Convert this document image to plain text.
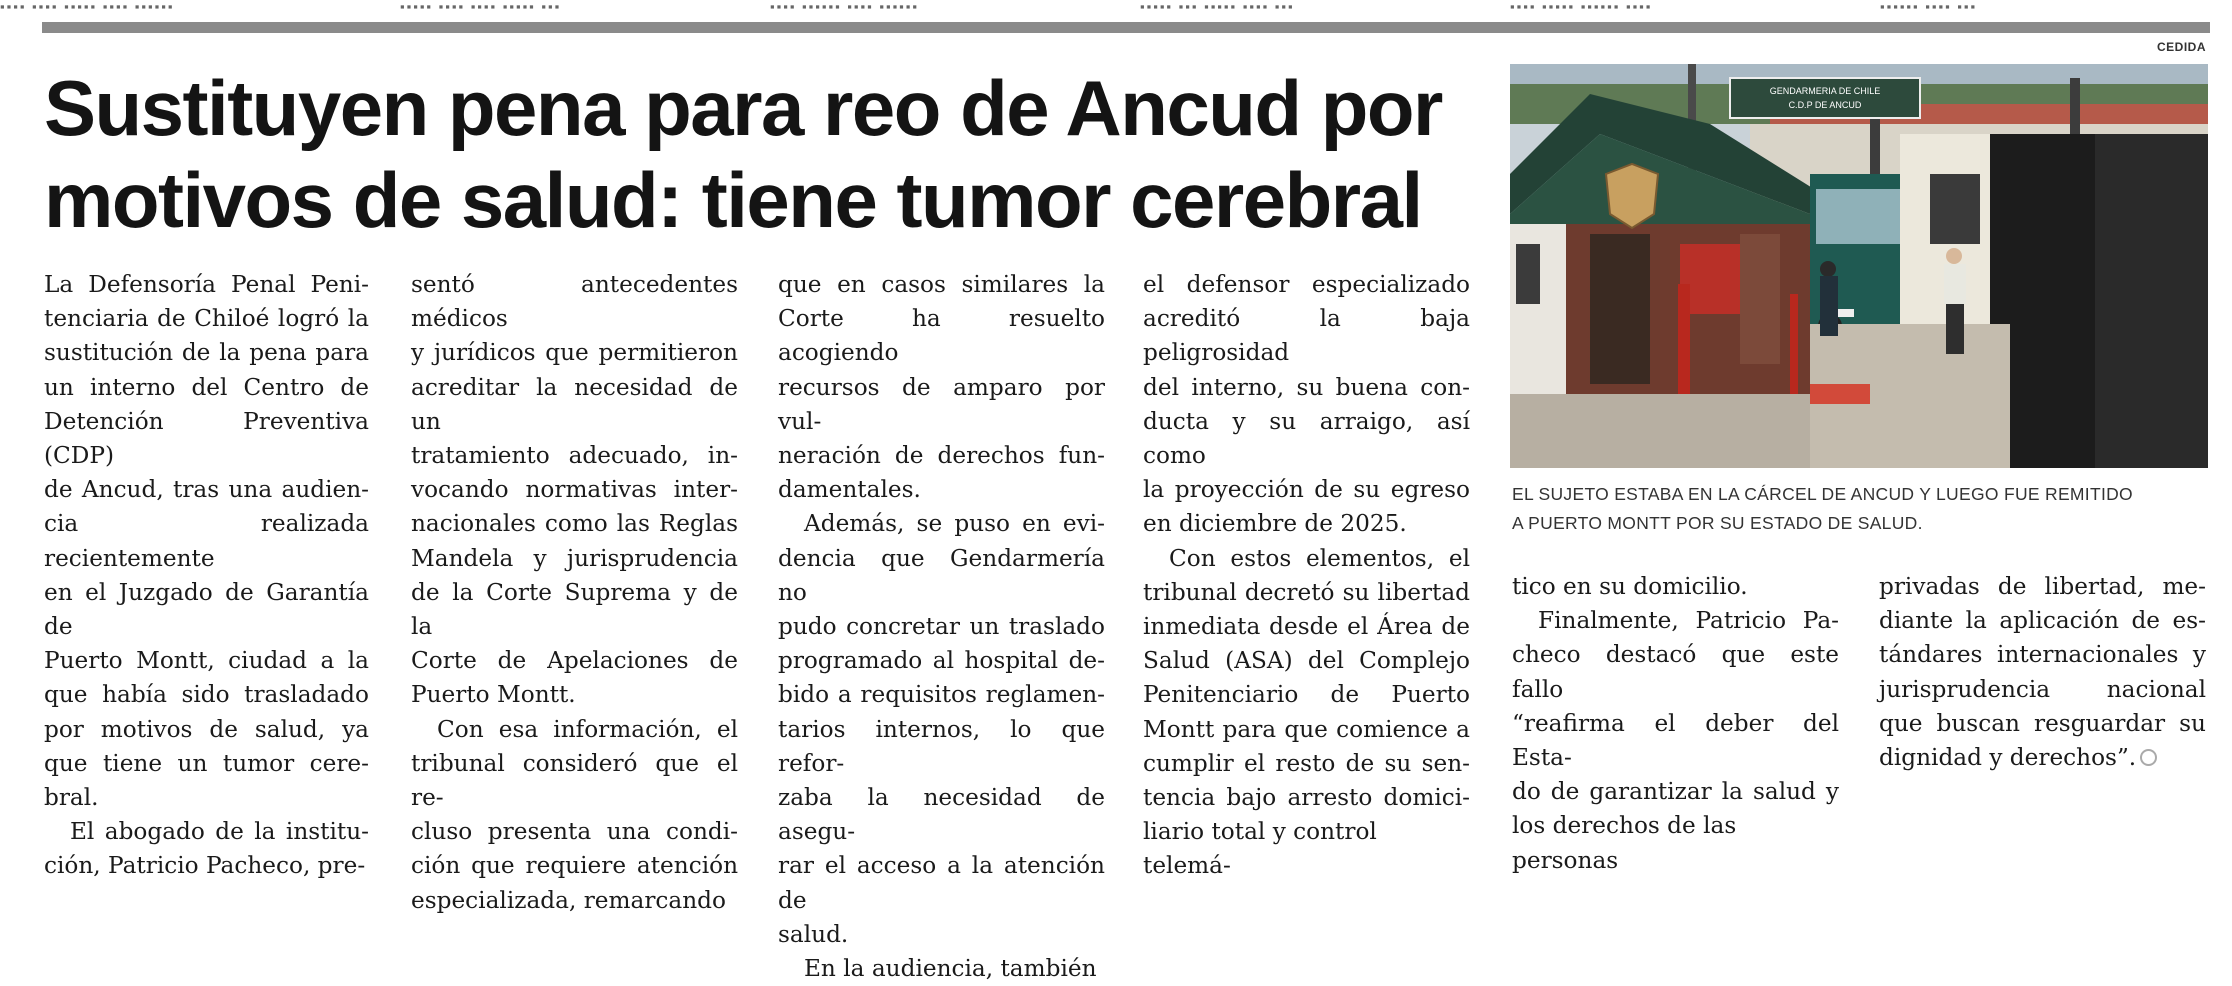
▪▪▪▪ ▪▪▪▪ ▪▪▪▪▪ ▪▪▪▪ ▪▪▪▪▪▪	▪▪▪▪▪ ▪▪▪▪ ▪▪▪▪ ▪▪▪▪▪ ▪▪▪	▪▪▪▪ ▪▪▪▪▪▪ ▪▪▪▪ ▪▪▪▪▪▪	▪▪▪▪▪ ▪▪▪ ▪▪▪▪▪ ▪▪▪▪ ▪▪▪	▪▪▪▪ ▪▪▪▪▪ ▪▪▪▪▪▪ ▪▪▪▪	▪▪▪▪▪▪ ▪▪▪▪ ▪▪▪
Sustituyen pena para reo de Ancud por
motivos de salud: tiene tumor cerebral

La Defensoría Penal Peni-

tenciaria de Chiloé logró la

sustitución de la pena para

un interno del Centro de

Detención Preventiva (CDP)

de Ancud, tras una audien-

cia realizada recientemente

en el Juzgado de Garantía de

Puerto Montt, ciudad a la

que había sido trasladado

por motivos de salud, ya

que tiene un tumor cere-

bral.

El abogado de la institu-

ción, Patricio Pacheco, pre-

sentó antecedentes médicos

y jurídicos que permitieron

acreditar la necesidad de un

tratamiento adecuado, in-

vocando normativas inter-

nacionales como las Reglas

Mandela y jurisprudencia

de la Corte Suprema y de la

Corte de Apelaciones de

Puerto Montt.

Con esa información, el

tribunal consideró que el re-

cluso presenta una condi-

ción que requiere atención

especializada, remarcando

que en casos similares la

Corte ha resuelto acogiendo

recursos de amparo por vul-

neración de derechos fun-

damentales.

Además, se puso en evi-

dencia que Gendarmería no

pudo concretar un traslado

programado al hospital de-

bido a requisitos reglamen-

tarios internos, lo que refor-

zaba la necesidad de asegu-

rar el acceso a la atención de

salud.

En la audiencia, también

el defensor especializado

acreditó la baja peligrosidad

del interno, su buena con-

ducta y su arraigo, así como

la proyección de su egreso

en diciembre de 2025.

Con estos elementos, el

tribunal decretó su libertad

inmediata desde el Área de

Salud (ASA) del Complejo

Penitenciario de Puerto

Montt para que comience a

cumplir el resto de su sen-

tencia bajo arresto domici-

liario total y control telemá-

tico en su domicilio.

Finalmente, Patricio Pa-

checo destacó que este fallo

“reafirma el deber del Esta-

do de garantizar la salud y

los derechos de las personas

privadas de libertad, me-

diante la aplicación de es-

tándares internacionales y

jurisprudencia nacional

que buscan resguardar su

dignidad y derechos”.

CEDIDA
GENDARMERIA DE CHILE
C.D.P DE ANCUD

EL SUJETO ESTABA EN LA CÁRCEL DE ANCUD Y LUEGO FUE REMITIDO
A PUERTO MONTT POR SU ESTADO DE SALUD.
